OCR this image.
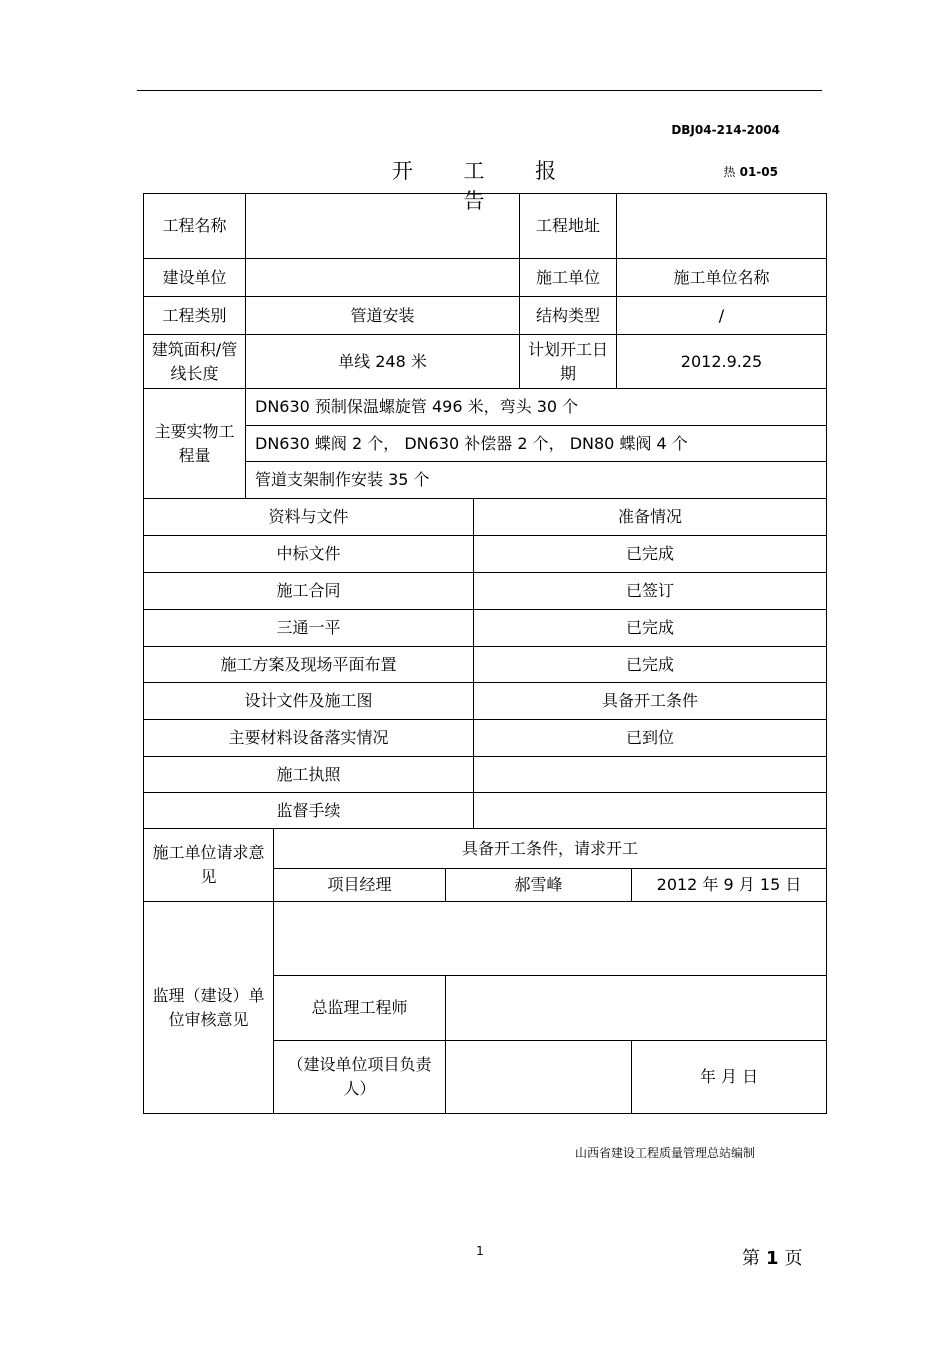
DBJ04-214-2004
开 工 报 告
热 01-05
工程名称		工程地址	
建设单位		施工单位	施工单位名称
工程类别	管道安装	结构类型	/
建筑面积/管线长度	单线 248 米	计划开工日期	2012.9.25
主要实物工程量	DN630 预制保温螺旋管 496 米，弯头 30 个		
	DN630 蝶阀 2 个， DN630 补偿器 2 个， DN80 蝶阀 4 个		
	管道支架制作安装 35 个		
资料与文件	准备情况
中标文件	已完成
施工合同	已签订
三通一平	已完成
施工方案及现场平面布置	已完成
设计文件及施工图	具备开工条件
主要材料设备落实情况	已到位
施工执照	
监督手续	
施工单位请求意见	具备开工条件，请求开工		
	项目经理	郝雪峰	2012 年 9 月 15 日
监理（建设）单位审核意见			
	总监理工程师		
	（建设单位项目负责人）		年 月 日
山西省建设工程质量管理总站编制
1	第 1 页
